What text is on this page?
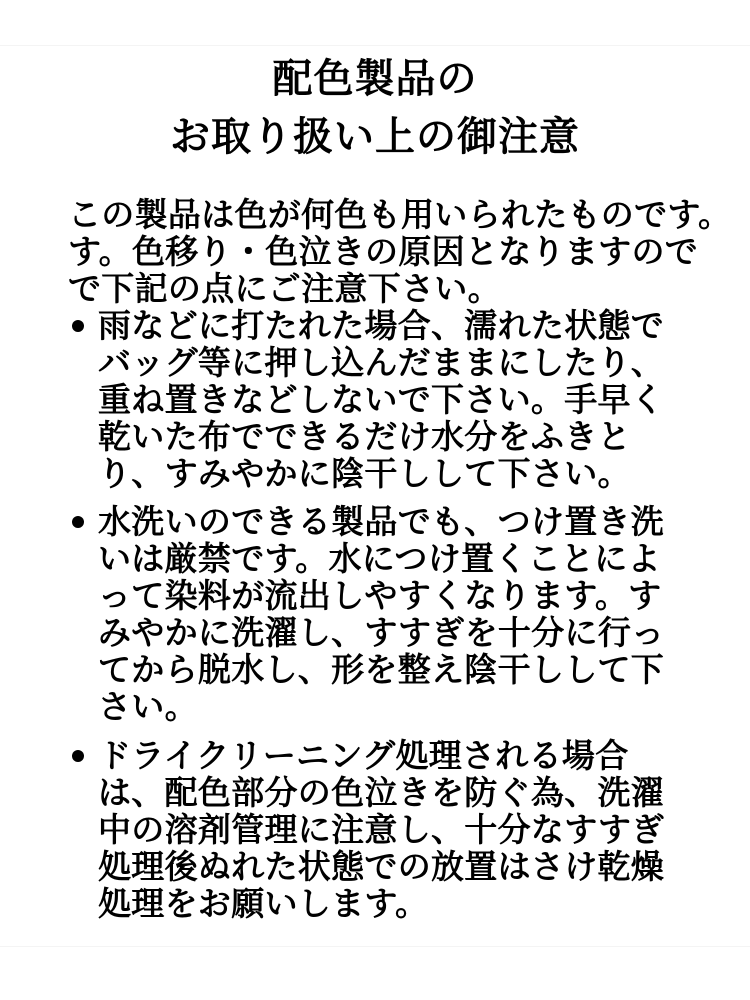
配色製品の
お取り扱い上の御注意
この製品は色が何色も用いられたものです。
す。色移り・色泣きの原因となりますので
で下記の点にご注意下さい。
雨などに打たれた場合、濡れた状態で
バッグ等に押し込んだままにしたり、
重ね置きなどしないで下さい。手早く
乾いた布でできるだけ水分をふきと
り、すみやかに陰干しして下さい。
水洗いのできる製品でも、つけ置き洗
いは厳禁です。水につけ置くことによ
って染料が流出しやすくなります。す
みやかに洗濯し、すすぎを十分に行っ
てから脱水し、形を整え陰干しして下
さい。
ドライクリーニング処理される場合
は、配色部分の色泣きを防ぐ為、洗濯
中の溶剤管理に注意し、十分なすすぎ
処理後ぬれた状態での放置はさけ乾燥
処理をお願いします。
